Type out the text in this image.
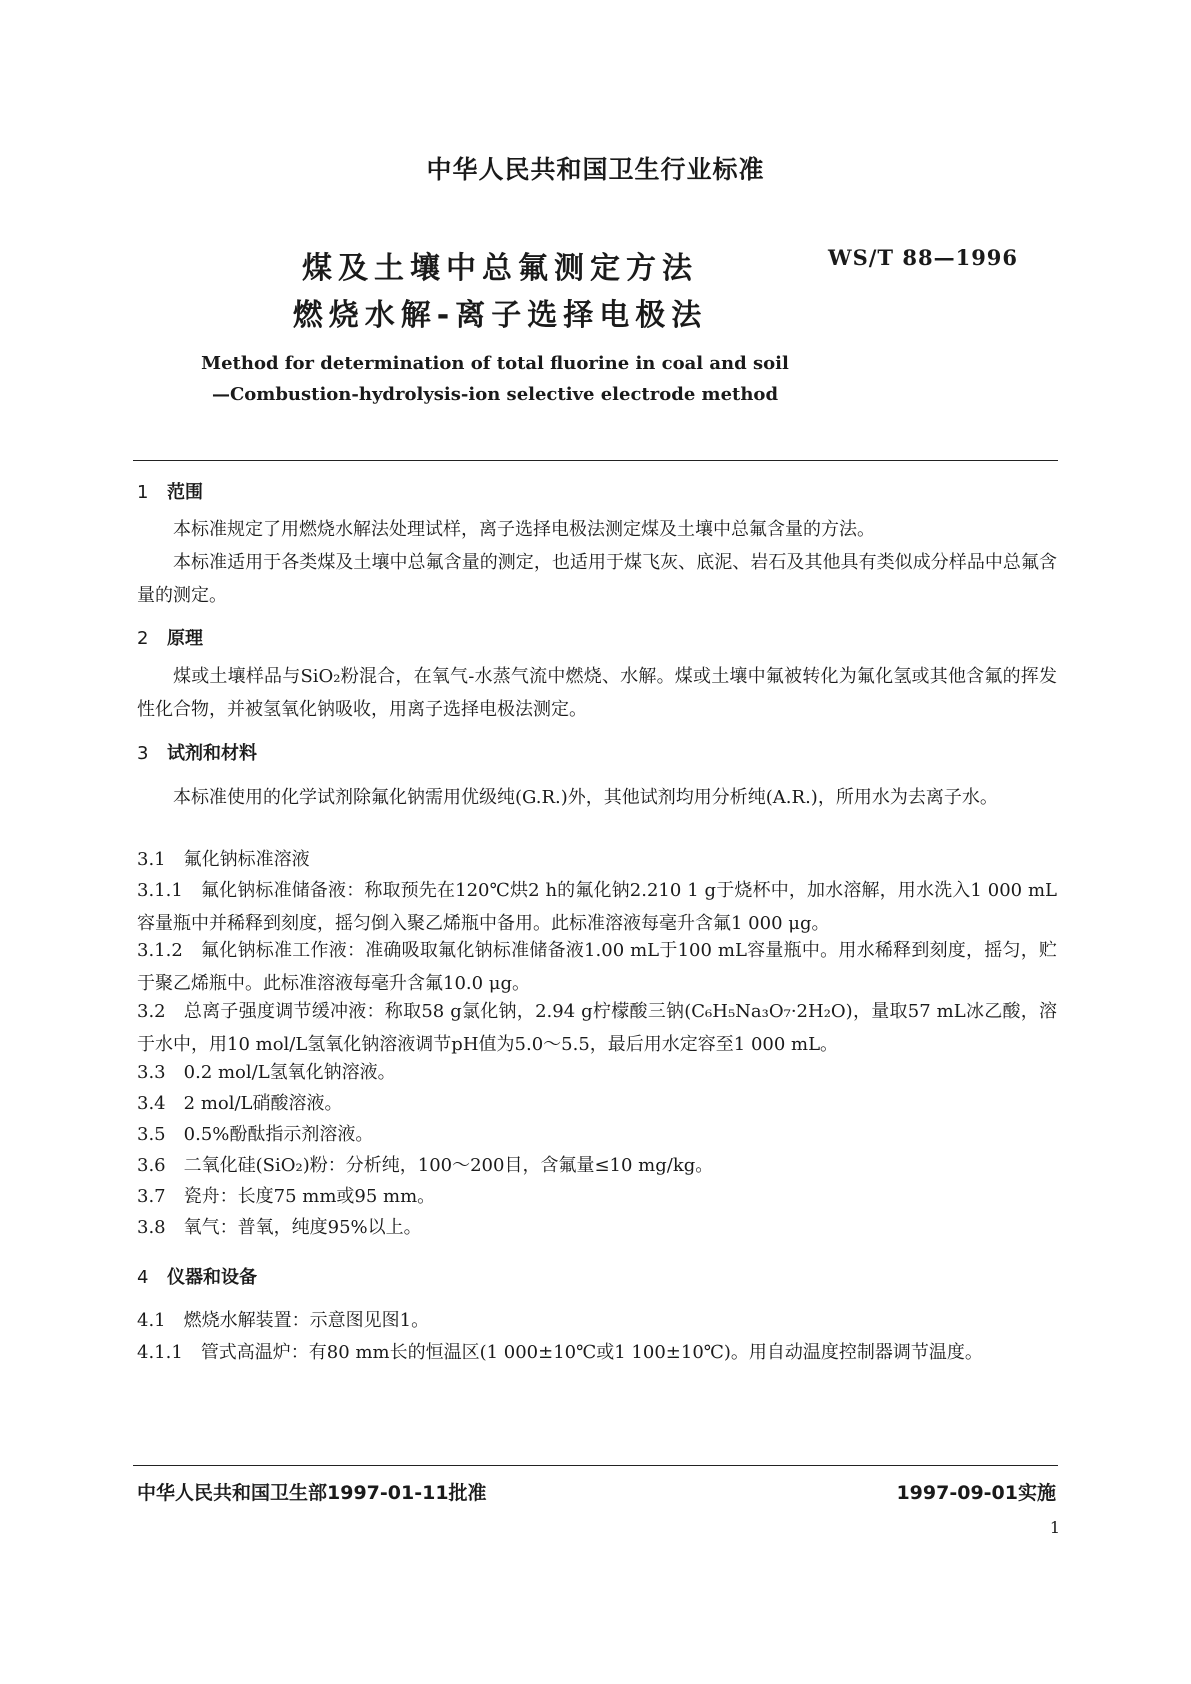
中华人民共和国卫生行业标准
煤及土壤中总氟测定方法
燃烧水解-离子选择电极法
WS/T 88—1996
Method for determination of total fluorine in coal and soil
—Combustion-hydrolysis-ion selective electrode method
1 范围
本标准规定了用燃烧水解法处理试样，离子选择电极法测定煤及土壤中总氟含量的方法。
本标准适用于各类煤及土壤中总氟含量的测定，也适用于煤飞灰、底泥、岩石及其他具有类似成分样品中总氟含量的测定。
2 原理
煤或土壤样品与SiO₂粉混合，在氧气-水蒸气流中燃烧、水解。煤或土壤中氟被转化为氟化氢或其他含氟的挥发性化合物，并被氢氧化钠吸收，用离子选择电极法测定。
3 试剂和材料
本标准使用的化学试剂除氟化钠需用优级纯(G.R.)外，其他试剂均用分析纯(A.R.)，所用水为去离子水。
3.1 氟化钠标准溶液
3.1.1 氟化钠标准储备液：称取预先在120℃烘2 h的氟化钠2.210 1 g于烧杯中，加水溶解，用水洗入1 000 mL容量瓶中并稀释到刻度，摇匀倒入聚乙烯瓶中备用。此标准溶液每毫升含氟1 000 μg。
3.1.2 氟化钠标准工作液：准确吸取氟化钠标准储备液1.00 mL于100 mL容量瓶中。用水稀释到刻度，摇匀，贮于聚乙烯瓶中。此标准溶液每毫升含氟10.0 μg。
3.2 总离子强度调节缓冲液：称取58 g氯化钠，2.94 g柠檬酸三钠(C₆H₅Na₃O₇·2H₂O)，量取57 mL冰乙酸，溶于水中，用10 mol/L氢氧化钠溶液调节pH值为5.0～5.5，最后用水定容至1 000 mL。
3.3 0.2 mol/L氢氧化钠溶液。
3.4 2 mol/L硝酸溶液。
3.5 0.5%酚酞指示剂溶液。
3.6 二氧化硅(SiO₂)粉：分析纯，100～200目，含氟量≤10 mg/kg。
3.7 瓷舟：长度75 mm或95 mm。
3.8 氧气：普氧，纯度95%以上。
4 仪器和设备
4.1 燃烧水解装置：示意图见图1。
4.1.1 管式高温炉：有80 mm长的恒温区(1 000±10℃或1 100±10℃)。用自动温度控制器调节温度。
中华人民共和国卫生部1997-01-11批准	1997-09-01实施
1
